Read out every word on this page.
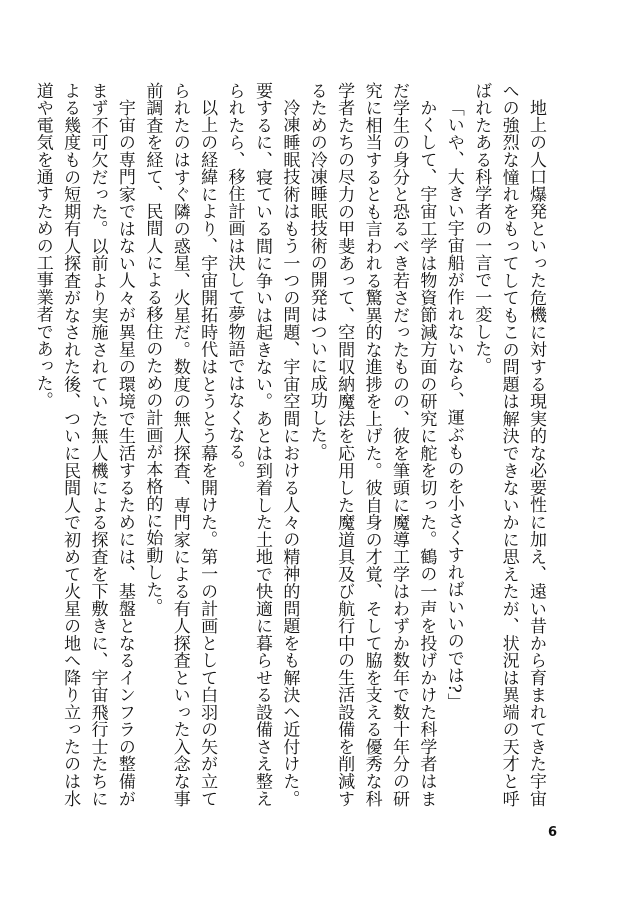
地上の人口爆発といった危機に対する現実的な必要性に加え、遠い昔から育まれてきた宇宙への強烈な憧れをもってしてもこの問題は解決できないかに思えたが、状況は異端の天才と呼ばれたある科学者の一言で一変した。

「いや、大きい宇宙船が作れないなら、運ぶものを小さくすればいいのでは?」

かくして、宇宙工学は物資節減方面の研究に舵を切った。鶴の一声を投げかけた科学者はまだ学生の身分と恐るべき若さだったものの、彼を筆頭に魔導工学はわずか数年で数十年分の研究に相当するとも言われる驚異的な進捗を上げた。彼自身の才覚、そして脇を支える優秀な科学者たちの尽力の甲斐あって、空間収納魔法を応用した魔道具及び航行中の生活設備を削減するための冷凍睡眠技術の開発はついに成功した。

冷凍睡眠技術はもう一つの問題、宇宙空間における人々の精神的問題をも解決へ近付けた。要するに、寝ている間に争いは起きない。あとは到着した土地で快適に暮らせる設備さえ整えられたら、移住計画は決して夢物語ではなくなる。

以上の経緯により、宇宙開拓時代はとうとう幕を開けた。第一の計画として白羽の矢が立てられたのはすぐ隣の惑星、火星だ。数度の無人探査、専門家による有人探査といった入念な事前調査を経て、民間人による移住のための計画が本格的に始動した。

宇宙の専門家ではない人々が異星の環境で生活するためには、基盤となるインフラの整備がまず不可欠だった。以前より実施されていた無人機による探査を下敷きに、宇宙飛行士たちによる幾度もの短期有人探査がなされた後、ついに民間人で初めて火星の地へ降り立ったのは水道や電気を通すための工事業者であった。

6
